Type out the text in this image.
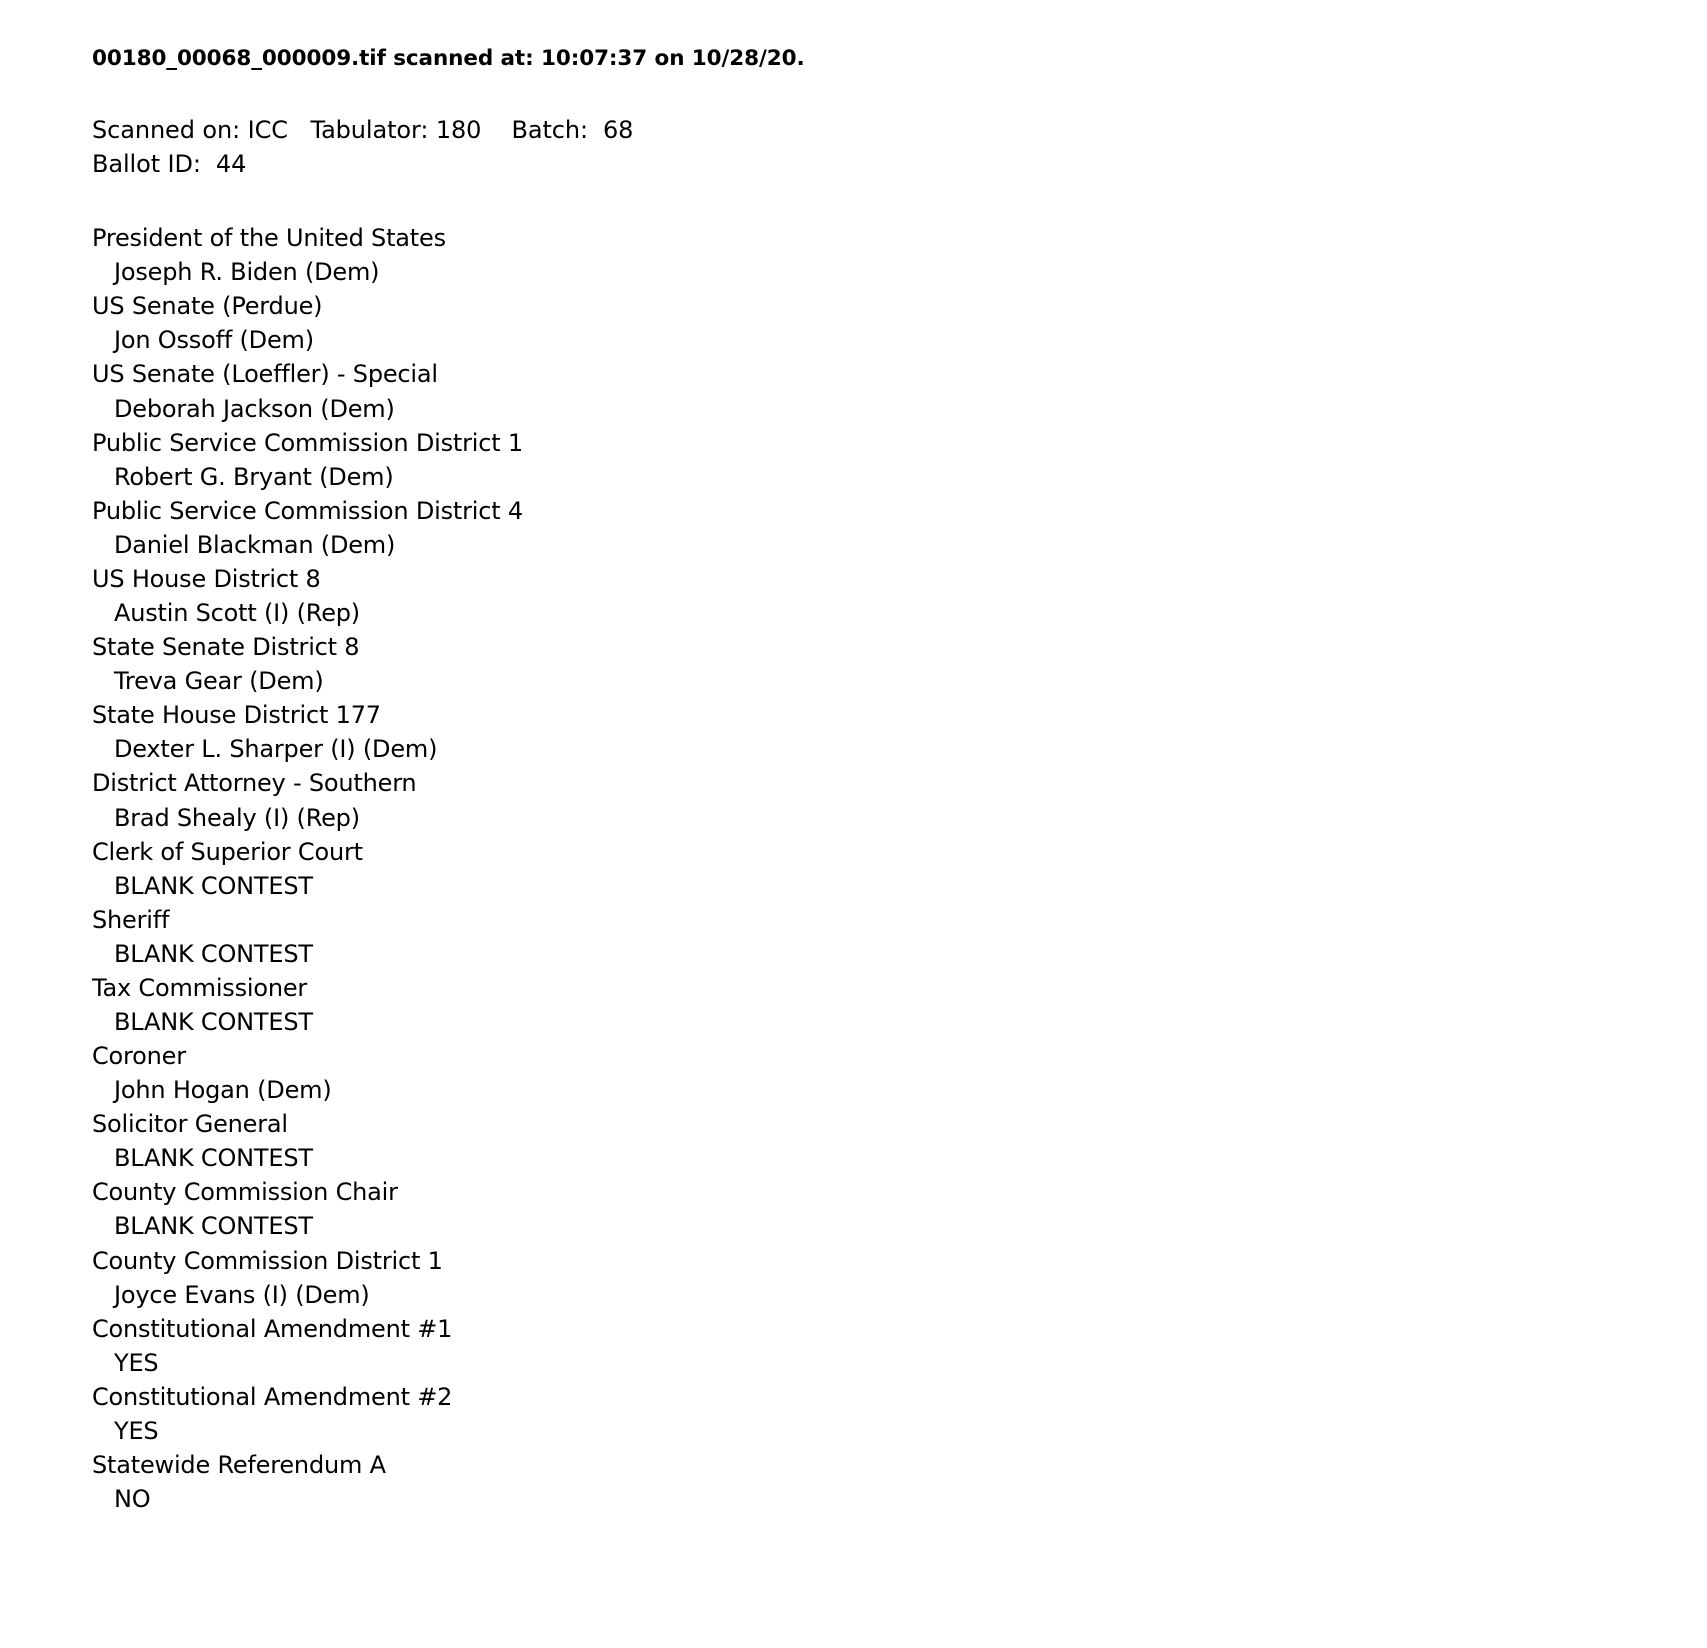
00180_00068_000009.tif scanned at: 10:07:37 on 10/28/20.
Scanned on: ICC   Tabulator: 180    Batch:  68
Ballot ID:  44
President of the United States
Joseph R. Biden (Dem)
US Senate (Perdue)
Jon Ossoff (Dem)
US Senate (Loeffler) - Special
Deborah Jackson (Dem)
Public Service Commission District 1
Robert G. Bryant (Dem)
Public Service Commission District 4
Daniel Blackman (Dem)
US House District 8
Austin Scott (I) (Rep)
State Senate District 8
Treva Gear (Dem)
State House District 177
Dexter L. Sharper (I) (Dem)
District Attorney - Southern
Brad Shealy (I) (Rep)
Clerk of Superior Court
BLANK CONTEST
Sheriff
BLANK CONTEST
Tax Commissioner
BLANK CONTEST
Coroner
John Hogan (Dem)
Solicitor General
BLANK CONTEST
County Commission Chair
BLANK CONTEST
County Commission District 1
Joyce Evans (I) (Dem)
Constitutional Amendment #1
YES
Constitutional Amendment #2
YES
Statewide Referendum A
NO
